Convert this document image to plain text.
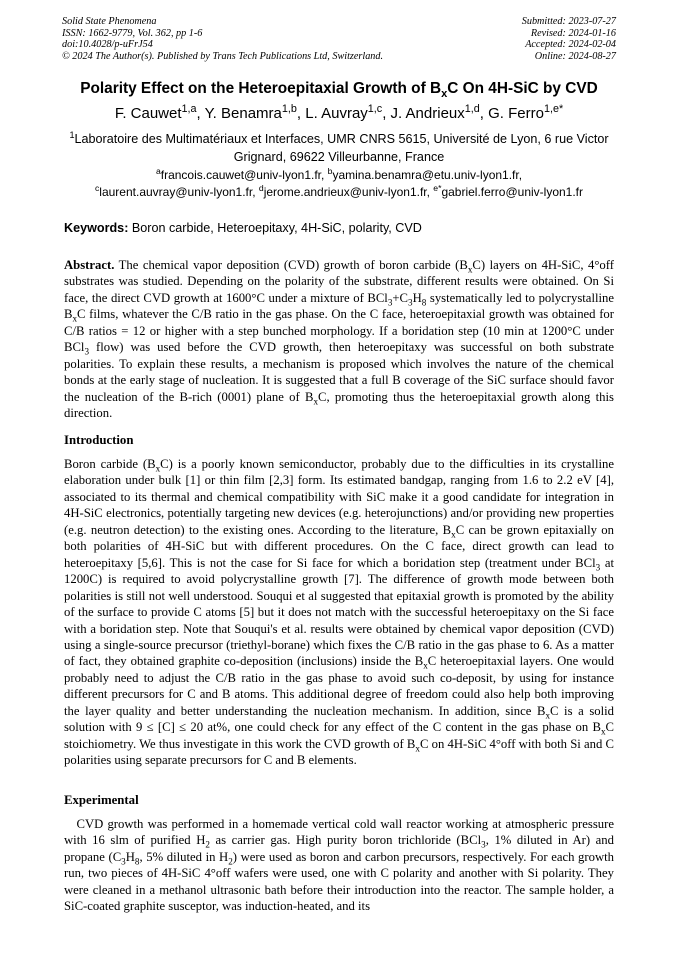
Solid State Phenomena
ISSN: 1662-9779, Vol. 362, pp 1-6
doi:10.4028/p-uFrJ54
© 2024 The Author(s). Published by Trans Tech Publications Ltd, Switzerland.
Submitted: 2023-07-27
Revised: 2024-01-16
Accepted: 2024-02-04
Online: 2024-08-27
Polarity Effect on the Heteroepitaxial Growth of $B_xC$ On 4H-SiC by CVD
F. Cauwet$^{1,a}$, Y. Benamra$^{1,b}$, L. Auvray$^{1,c}$, J. Andrieux$^{1,d}$, G. Ferro$^{1,e*}$
$^1$Laboratoire des Multimatériaux et Interfaces, UMR CNRS 5615, Université de Lyon, 6 rue Victor Grignard, 69622 Villeurbanne, France
$^a$francois.cauwet@univ-lyon1.fr, $^b$yamina.benamra@etu.univ-lyon1.fr,
$^c$laurent.auvray@univ-lyon1.fr, $^d$jerome.andrieux@univ-lyon1.fr, $^{e*}$gabriel.ferro@univ-lyon1.fr
Keywords: Boron carbide, Heteroepitaxy, 4H-SiC, polarity, CVD
Abstract. The chemical vapor deposition (CVD) growth of boron carbide $(B_xC)$ layers on 4H-SiC, 4°off substrates was studied. Depending on the polarity of the substrate, different results were obtained. On Si face, the direct CVD growth at 1600°C under a mixture of $BCl_3+C_3H_8$ systematically led to polycrystalline $B_xC$ films, whatever the C/B ratio in the gas phase. On the C face, heteroepitaxial growth was obtained for C/B ratios = 12 or higher with a step bunched morphology. If a boridation step (10 min at 1200°C under BCl$_3$ flow) was used before the CVD growth, then heteroepitaxy was successful on both substrate polarities. To explain these results, a mechanism is proposed which involves the nature of the chemical bonds at the early stage of nucleation. It is suggested that a full B coverage of the SiC surface should favor the nucleation of the B-rich (0001) plane of $B_xC$, promoting thus the heteroepitaxial growth along this direction.
Introduction
Boron carbide $(B_xC)$ is a poorly known semiconductor, probably due to the difficulties in its crystalline elaboration under bulk [1] or thin film [2,3] form. Its estimated bandgap, ranging from 1.6 to 2.2 eV [4], associated to its thermal and chemical compatibility with SiC make it a good candidate for integration in 4H-SiC electronics, potentially targeting new devices (e.g. heterojunctions) and/or providing new properties (e.g. neutron detection) to the existing ones. According to the literature, $B_xC$ can be grown epitaxially on both polarities of 4H-SiC but with different procedures. On the C face, direct growth can lead to heteroepitaxy [5,6]. This is not the case for Si face for which a boridation step (treatment under BCl$_3$ at 1200C) is required to avoid polycrystalline growth [7]. The difference of growth mode between both polarities is still not well understood. Souqui et al suggested that epitaxial growth is promoted by the ability of the surface to provide C atoms [5] but it does not match with the successful heteroepitaxy on the Si face with a boridation step. Note that Souqui's et al. results were obtained by chemical vapor deposition (CVD) using a single-source precursor (triethyl-borane) which fixes the C/B ratio in the gas phase to 6. As a matter of fact, they obtained graphite co-deposition (inclusions) inside the $B_xC$ heteroepitaxial layers. One would probably need to adjust the C/B ratio in the gas phase to avoid such co-deposit, by using for instance different precursors for C and B atoms. This additional degree of freedom could also help both improving the layer quality and better understanding the nucleation mechanism. In addition, since $B_xC$ is a solid solution with 9 ≤ [C] ≤ 20 at%, one could check for any effect of the C content in the gas phase on $B_xC$ stoichiometry. We thus investigate in this work the CVD growth of $B_xC$ on 4H-SiC 4°off with both Si and C polarities using separate precursors for C and B elements.
Experimental
CVD growth was performed in a homemade vertical cold wall reactor working at atmospheric pressure with 16 slm of purified $H_2$ as carrier gas. High purity boron trichloride (BCl$_3$, 1% diluted in Ar) and propane ($C_3H_8$, 5% diluted in $H_2$) were used as boron and carbon precursors, respectively. For each growth run, two pieces of 4H-SiC 4°off wafers were used, one with C polarity and another with Si polarity. They were cleaned in a methanol ultrasonic bath before their introduction into the reactor. The sample holder, a SiC-coated graphite susceptor, was induction-heated, and its
